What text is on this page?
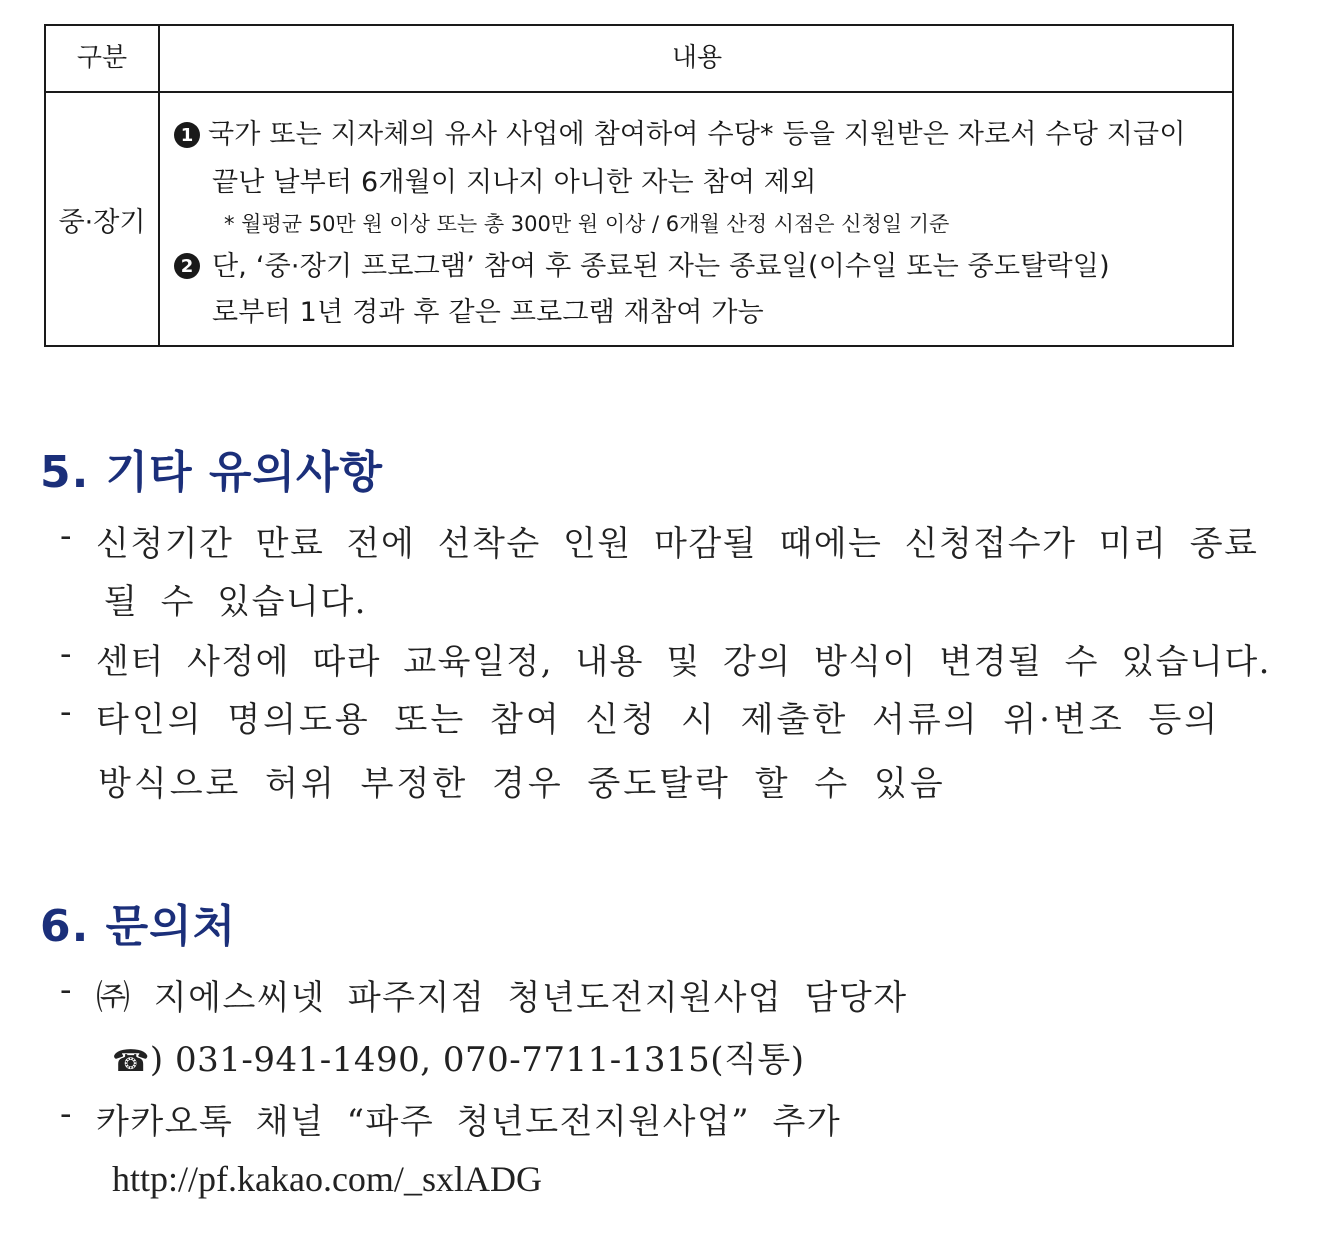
구분	내용
중·장기
1 국가 또는 지자체의 유사 사업에 참여하여 수당* 등을 지원받은 자로서 수당 지급이
끝난 날부터 6개월이 지나지 아니한 자는 참여 제외
* 월평균 50만 원 이상 또는 총 300만 원 이상 / 6개월 산정 시점은 신청일 기준
2 단, ‘중·장기 프로그램’ 참여 후 종료된 자는 종료일(이수일 또는 중도탈락일)
로부터 1년 경과 후 같은 프로그램 재참여 가능
5. 기타 유의사항
- 신청기간 만료 전에 선착순 인원 마감될 때에는 신청접수가 미리 종료
될 수 있습니다.
- 센터 사정에 따라 교육일정, 내용 및 강의 방식이 변경될 수 있습니다.
- 타인의 명의도용 또는 참여 신청 시 제출한 서류의 위·변조 등의
방식으로 허위 부정한 경우 중도탈락 할 수 있음
6. 문의처
- ㈜ 지에스씨넷 파주지점 청년도전지원사업 담당자
☎) 031-941-1490, 070-7711-1315(직통)
- 카카오톡 채널 “파주 청년도전지원사업” 추가
http://pf.kakao.com/_sxlADG
